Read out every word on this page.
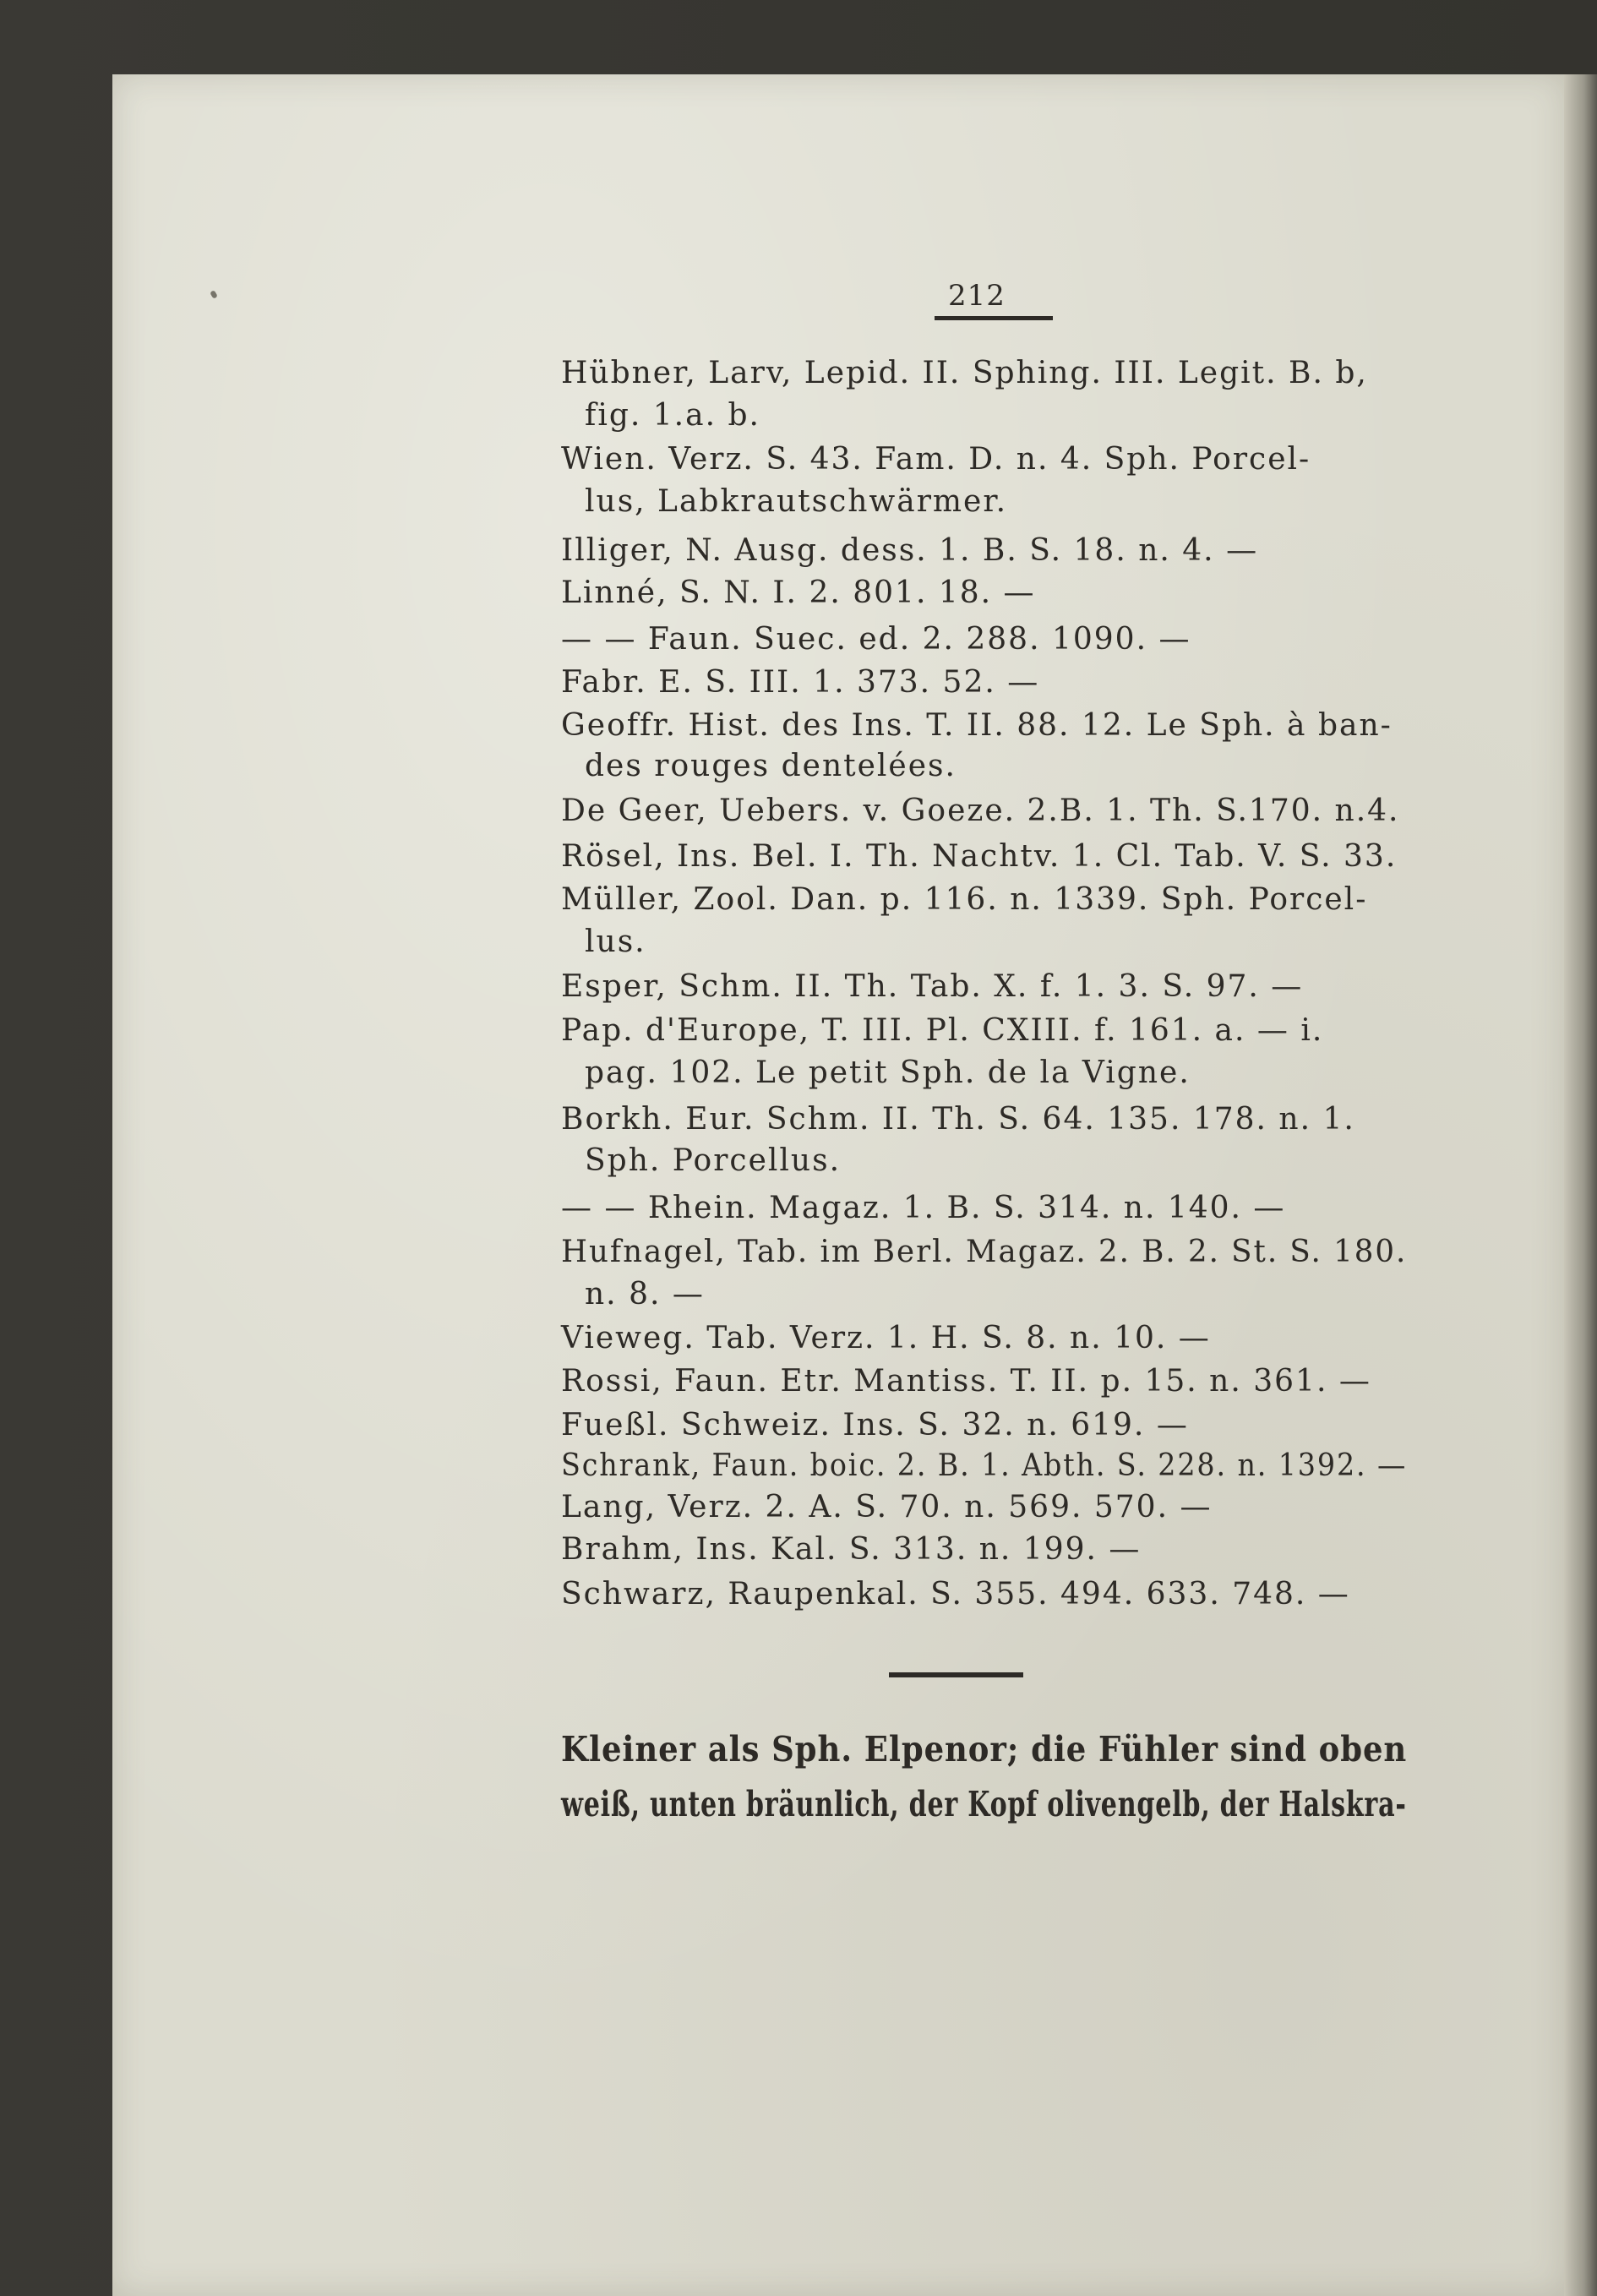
212
Hübner, Larv, Lepid. II. Sphing. III. Legit. B. b,
fig. 1.a. b.
Wien. Verz. S. 43. Fam. D. n. 4. Sph. Porcel-
lus, Labkrautschwärmer.
Illiger, N. Ausg. dess. 1. B. S. 18. n. 4. —
Linné, S. N. I. 2. 801. 18. —
— — Faun. Suec. ed. 2. 288. 1090. —
Fabr. E. S. III. 1. 373. 52. —
Geoffr. Hist. des Ins. T. II. 88. 12. Le Sph. à ban-
des rouges dentelées.
De Geer, Uebers. v. Goeze. 2.B. 1. Th. S.170. n.4.
Rösel, Ins. Bel. I. Th. Nachtv. 1. Cl. Tab. V. S. 33.
Müller, Zool. Dan. p. 116. n. 1339. Sph. Porcel-
lus.
Esper, Schm. II. Th. Tab. X. f. 1. 3. S. 97. —
Pap. d'Europe, T. III. Pl. CXIII. f. 161. a. — i.
pag. 102. Le petit Sph. de la Vigne.
Borkh. Eur. Schm. II. Th. S. 64. 135. 178. n. 1.
Sph. Porcellus.
— — Rhein. Magaz. 1. B. S. 314. n. 140. —
Hufnagel, Tab. im Berl. Magaz. 2. B. 2. St. S. 180.
n. 8. —
Vieweg. Tab. Verz. 1. H. S. 8. n. 10. —
Rossi, Faun. Etr. Mantiss. T. II. p. 15. n. 361. —
Fueßl. Schweiz. Ins. S. 32. n. 619. —
Schrank, Faun. boic. 2. B. 1. Abth. S. 228. n. 1392. —
Lang, Verz. 2. A. S. 70. n. 569. 570. —
Brahm, Ins. Kal. S. 313. n. 199. —
Schwarz, Raupenkal. S. 355. 494. 633. 748. —
Kleiner als Sph. Elpenor; die Fühler sind oben
weiß, unten bräunlich, der Kopf olivengelb, der Halskra-
